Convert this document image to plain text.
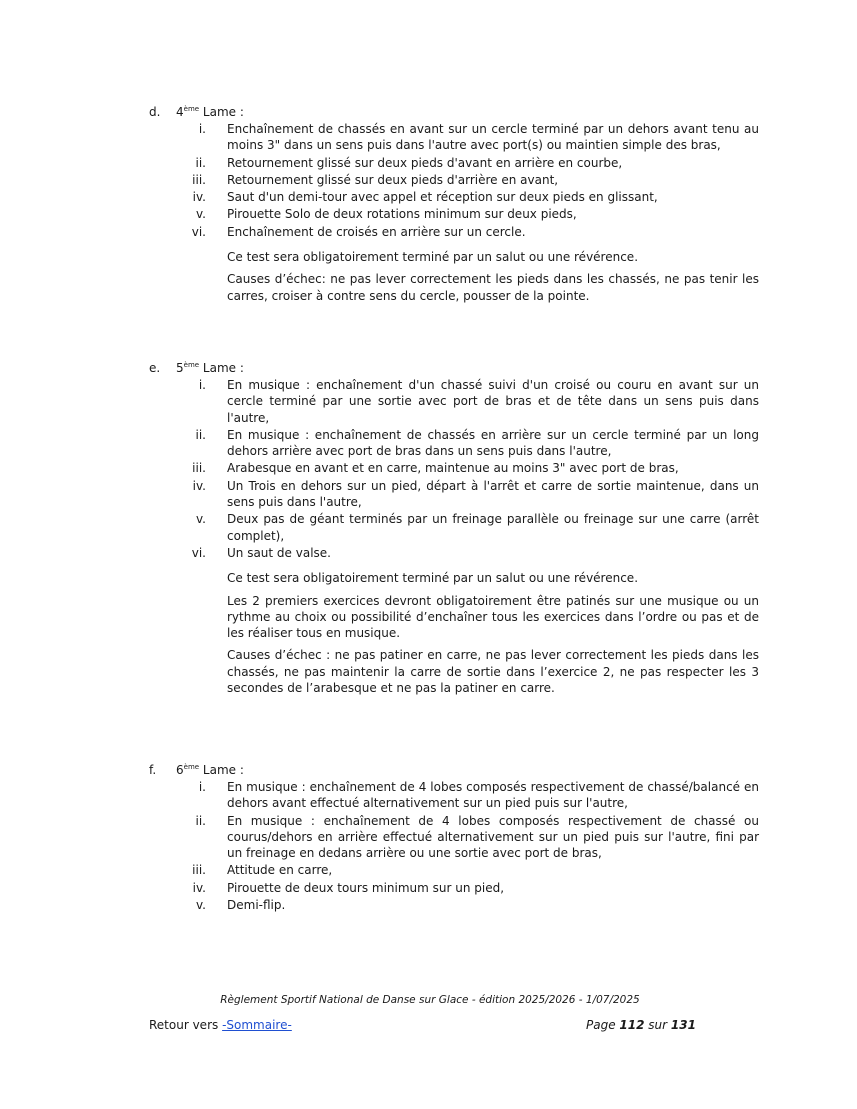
d. 4ème Lame :
i. Enchaînement de chassés en avant sur un cercle terminé par un dehors avant tenu au moins 3" dans un sens puis dans l'autre avec port(s) ou maintien simple des bras,
ii. Retournement glissé sur deux pieds d'avant en arrière en courbe,
iii. Retournement glissé sur deux pieds d'arrière en avant,
iv. Saut d'un demi-tour avec appel et réception sur deux pieds en glissant,
v. Pirouette Solo de deux rotations minimum sur deux pieds,
vi. Enchaînement de croisés en arrière sur un cercle.
Ce test sera obligatoirement terminé par un salut ou une révérence.
Causes d’échec: ne pas lever correctement les pieds dans les chassés, ne pas tenir les carres, croiser à contre sens du cercle, pousser de la pointe.
e. 5ème Lame :
i. En musique : enchaînement d'un chassé suivi d'un croisé ou couru en avant sur un cercle terminé par une sortie avec port de bras et de tête dans un sens puis dans l'autre,
ii. En musique : enchaînement de chassés en arrière sur un cercle terminé par un long dehors arrière avec port de bras dans un sens puis dans l'autre,
iii. Arabesque en avant et en carre, maintenue au moins 3" avec port de bras,
iv. Un Trois en dehors sur un pied, départ à l'arrêt et carre de sortie maintenue, dans un sens puis dans l'autre,
v. Deux pas de géant terminés par un freinage parallèle ou freinage sur une carre (arrêt complet),
vi. Un saut de valse.
Ce test sera obligatoirement terminé par un salut ou une révérence.
Les 2 premiers exercices devront obligatoirement être patinés sur une musique ou un rythme au choix ou possibilité d’enchaîner tous les exercices dans l’ordre ou pas et de les réaliser tous en musique.
Causes d’échec : ne pas patiner en carre, ne pas lever correctement les pieds dans les chassés, ne pas maintenir la carre de sortie dans l’exercice 2, ne pas respecter les 3 secondes de l’arabesque et ne pas la patiner en carre.
f. 6ème Lame :
i. En musique : enchaînement de 4 lobes composés respectivement de chassé/balancé en dehors avant effectué alternativement sur un pied puis sur l'autre,
ii. En musique : enchaînement de 4 lobes composés respectivement de chassé ou courus/dehors en arrière effectué alternativement sur un pied puis sur l'autre, fini par un freinage en dedans arrière ou une sortie avec port de bras,
iii. Attitude en carre,
iv. Pirouette de deux tours minimum sur un pied,
v. Demi-flip.
Règlement Sportif National de Danse sur Glace - édition 2025/2026 - 1/07/2025
Retour vers -Sommaire-	Page 112 sur 131
